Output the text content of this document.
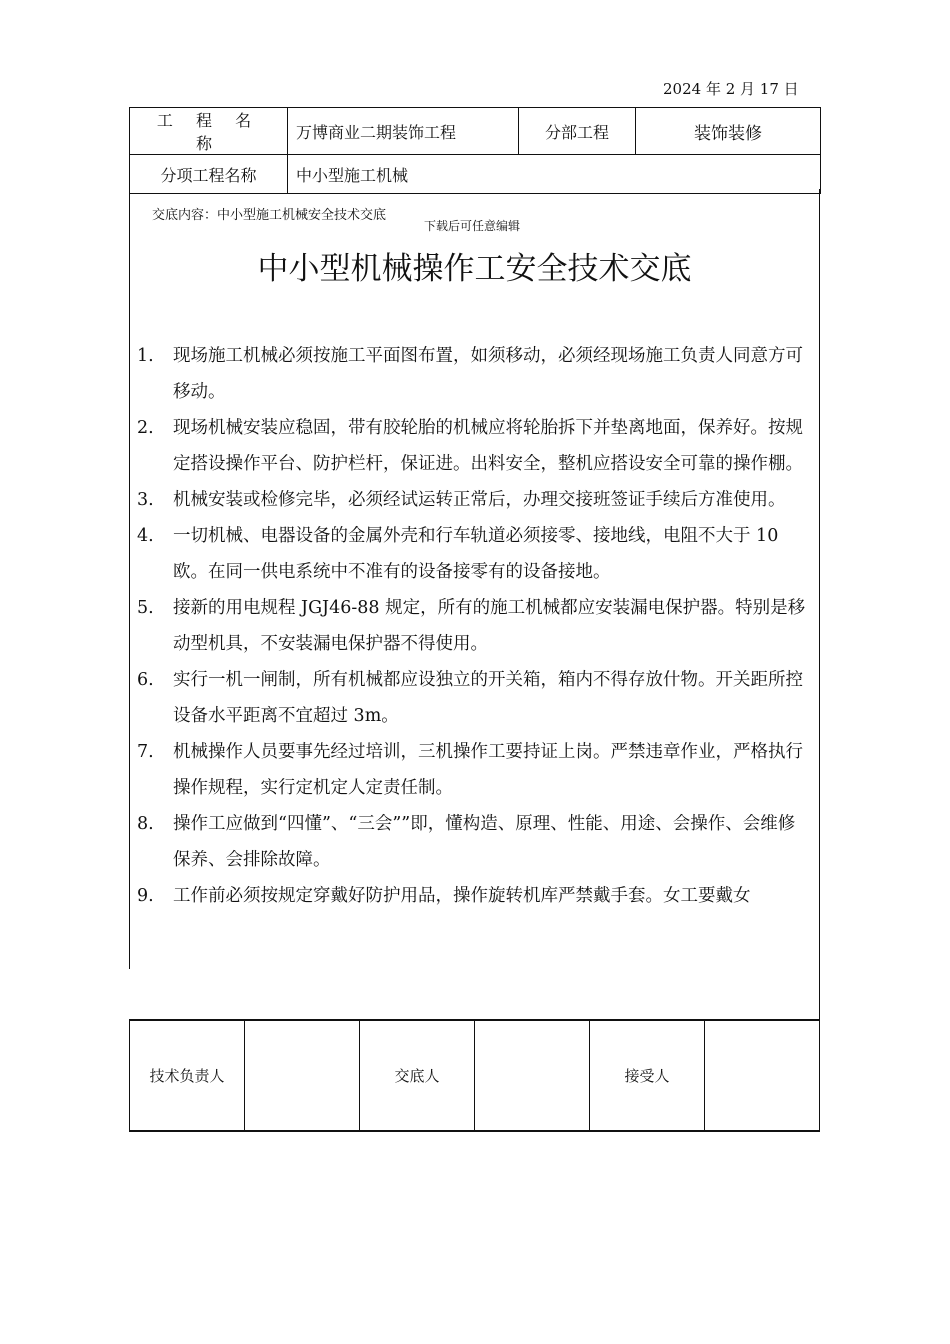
2024 年 2 月 17 日
工 程 名 称	万博商业二期装饰工程	分部工程	装饰装修
分项工程名称	中小型施工机械		
交底内容：中小型施工机械安全技术交底
下载后可任意编辑
中小型机械操作工安全技术交底
1.	现场施工机械必须按施工平面图布置，如须移动，必须经现场施工负责人同意方可移动。
2.	现场机械安装应稳固，带有胶轮胎的机械应将轮胎拆下并垫离地面，保养好。按规定搭设操作平台、防护栏杆，保证进。出料安全，整机应搭设安全可靠的操作棚。
3.	机械安装或检修完毕，必须经试运转正常后，办理交接班签证手续后方准使用。
4.	一切机械、电器设备的金属外壳和行车轨道必须接零、接地线，电阻不大于 10 欧。在同一供电系统中不准有的设备接零有的设备接地。
5.	接新的用电规程 JGJ46-88 规定，所有的施工机械都应安装漏电保护器。特别是移动型机具，不安装漏电保护器不得使用。
6.	实行一机一闸制，所有机械都应设独立的开关箱，箱内不得存放什物。开关距所控设备水平距离不宜超过 3m。
7.	机械操作人员要事先经过培训，三机操作工要持证上岗。严禁违章作业，严格执行操作规程，实行定机定人定责任制。
8.	操作工应做到“四懂”、“三会””即，懂构造、原理、性能、用途、会操作、会维修保养、会排除故障。
9.	工作前必须按规定穿戴好防护用品，操作旋转机库严禁戴手套。女工要戴女
技术负责人		交底人		接受人	
